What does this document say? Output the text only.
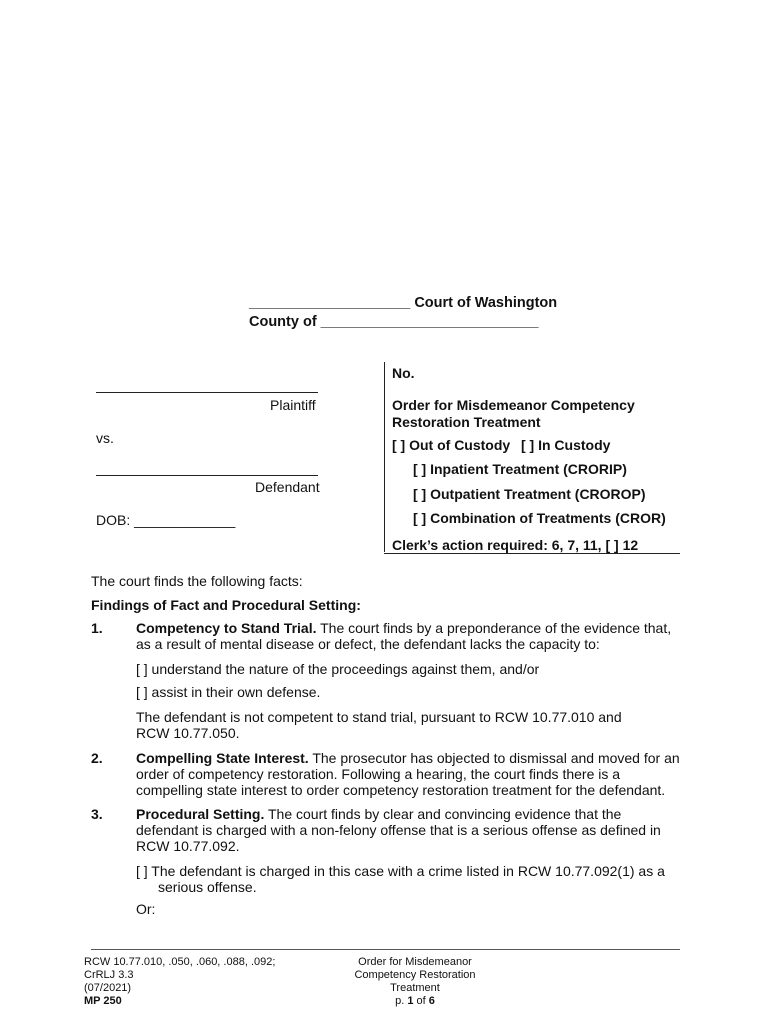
____________________ Court of Washington
County of ___________________________
Plaintiff
vs.
Defendant
DOB: _____________
No.
Order for Misdemeanor Competency
Restoration Treatment
[ ] Out of Custody [ ] In Custody
[ ] Inpatient Treatment (CRORIP)
[ ] Outpatient Treatment (CROROP)
[ ] Combination of Treatments (CROR)
Clerk’s action required: 6, 7, 11, [ ] 12
The court finds the following facts:
Findings of Fact and Procedural Setting:
1. Competency to Stand Trial. The court finds by a preponderance of the evidence that,
as a result of mental disease or defect, the defendant lacks the capacity to:
[ ] understand the nature of the proceedings against them, and/or
[ ] assist in their own defense.
The defendant is not competent to stand trial, pursuant to RCW 10.77.010 and
RCW 10.77.050.
2. Compelling State Interest. The prosecutor has objected to dismissal and moved for an
order of competency restoration. Following a hearing, the court finds there is a
compelling state interest to order competency restoration treatment for the defendant.
3. Procedural Setting. The court finds by clear and convincing evidence that the
defendant is charged with a non-felony offense that is a serious offense as defined in
RCW 10.77.092.
[ ] The defendant is charged in this case with a crime listed in RCW 10.77.092(1) as a
serious offense.
Or:
RCW 10.77.010, .050, .060, .088, .092;
CrRLJ 3.3
(07/2021)
MP 250
Order for Misdemeanor
Competency Restoration
Treatment
p. 1 of 6
